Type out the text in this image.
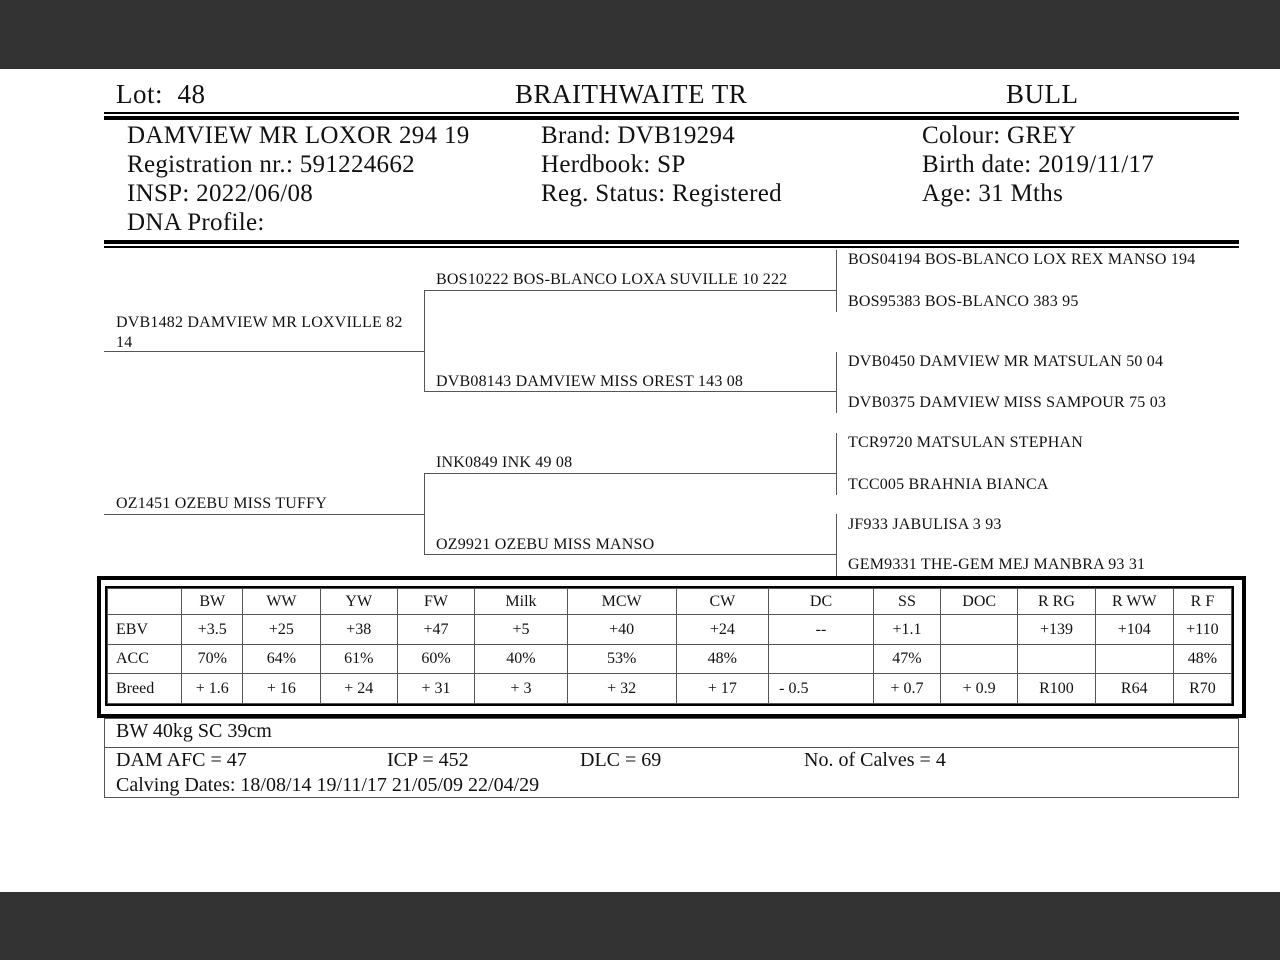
Lot: 48	BRAITHWAITE TR	BULL
DAMVIEW MR LOXOR 294 19
Registration nr.: 591224662
INSP: 2022/06/08
DNA Profile:
Brand: DVB19294
Herdbook: SP
Reg. Status: Registered
Colour: GREY
Birth date: 2019/11/17
Age: 31 Mths
DVB1482 DAMVIEW MR LOXVILLE 82 14
OZ1451 OZEBU MISS TUFFY
BOS10222 BOS-BLANCO LOXA SUVILLE 10 222
DVB08143 DAMVIEW MISS OREST 143 08
INK0849 INK 49 08
OZ9921 OZEBU MISS MANSO
BOS04194 BOS-BLANCO LOX REX MANSO 194
BOS95383 BOS-BLANCO 383 95
DVB0450 DAMVIEW MR MATSULAN 50 04
DVB0375 DAMVIEW MISS SAMPOUR 75 03
TCR9720 MATSULAN STEPHAN
TCC005 BRAHNIA BIANCA
JF933 JABULISA 3 93
GEM9331 THE-GEM MEJ MANBRA 93 31
	BW	WW	YW	FW	Milk	MCW	CW	DC	SS	DOC	R RG	R WW	R F
EBV	+3.5	+25	+38	+47	+5	+40	+24	--	+1.1		+139	+104	+110
ACC	70%	64%	61%	60%	40%	53%	48%		47%				48%
Breed	+ 1.6	+ 16	+ 24	+ 31	+ 3	+ 32	+ 17	- 0.5	+ 0.7	+ 0.9	R100	R64	R70
BW 40kg SC 39cm
DAM AFC = 47	ICP = 452	DLC = 69	No. of Calves = 4
Calving Dates: 18/08/14 19/11/17 21/05/09 22/04/29
